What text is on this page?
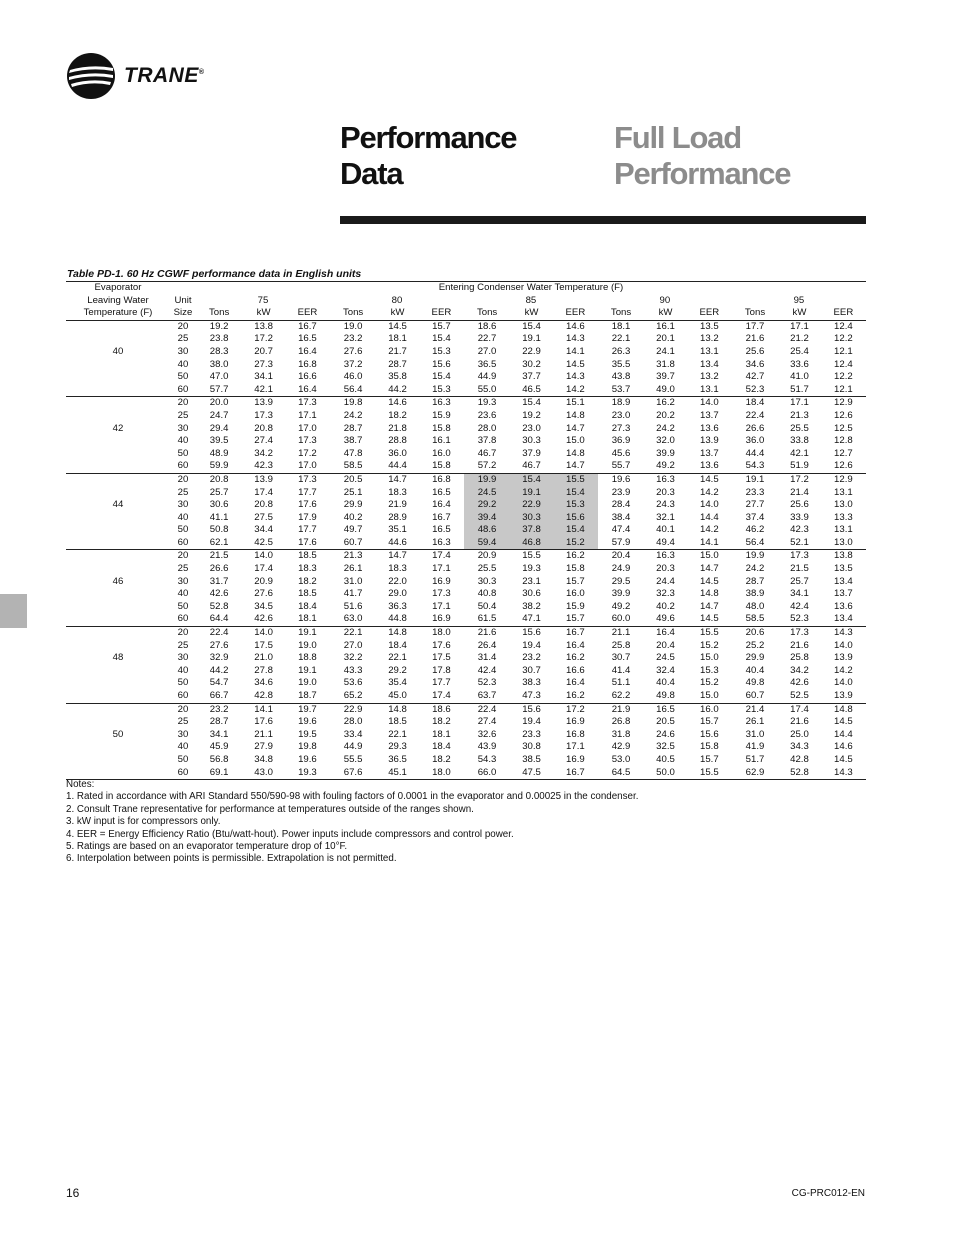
TRANE®
Performance
Data
Full Load
Performance
Table PD-1. 60 Hz CGWF performance data in English units
Evaporator		Entering Condenser Water Temperature (F)														
Leaving Water	Unit	75			80			85			90			95		
Temperature (F)	Size	Tons	kW	EER	Tons	kW	EER	Tons	kW	EER	Tons	kW	EER	Tons	kW	EER
	20	19.2	13.8	16.7	19.0	14.5	15.7	18.6	15.4	14.6	18.1	16.1	13.5	17.7	17.1	12.4
	25	23.8	17.2	16.5	23.2	18.1	15.4	22.7	19.1	14.3	22.1	20.1	13.2	21.6	21.2	12.2
40	30	28.3	20.7	16.4	27.6	21.7	15.3	27.0	22.9	14.1	26.3	24.1	13.1	25.6	25.4	12.1
	40	38.0	27.3	16.8	37.2	28.7	15.6	36.5	30.2	14.5	35.5	31.8	13.4	34.6	33.6	12.4
	50	47.0	34.1	16.6	46.0	35.8	15.4	44.9	37.7	14.3	43.8	39.7	13.2	42.7	41.0	12.2
	60	57.7	42.1	16.4	56.4	44.2	15.3	55.0	46.5	14.2	53.7	49.0	13.1	52.3	51.7	12.1
	20	20.0	13.9	17.3	19.8	14.6	16.3	19.3	15.4	15.1	18.9	16.2	14.0	18.4	17.1	12.9
	25	24.7	17.3	17.1	24.2	18.2	15.9	23.6	19.2	14.8	23.0	20.2	13.7	22.4	21.3	12.6
42	30	29.4	20.8	17.0	28.7	21.8	15.8	28.0	23.0	14.7	27.3	24.2	13.6	26.6	25.5	12.5
	40	39.5	27.4	17.3	38.7	28.8	16.1	37.8	30.3	15.0	36.9	32.0	13.9	36.0	33.8	12.8
	50	48.9	34.2	17.2	47.8	36.0	16.0	46.7	37.9	14.8	45.6	39.9	13.7	44.4	42.1	12.7
	60	59.9	42.3	17.0	58.5	44.4	15.8	57.2	46.7	14.7	55.7	49.2	13.6	54.3	51.9	12.6
	20	20.8	13.9	17.3	20.5	14.7	16.8	19.9	15.4	15.5	19.6	16.3	14.5	19.1	17.2	12.9
	25	25.7	17.4	17.7	25.1	18.3	16.5	24.5	19.1	15.4	23.9	20.3	14.2	23.3	21.4	13.1
44	30	30.6	20.8	17.6	29.9	21.9	16.4	29.2	22.9	15.3	28.4	24.3	14.0	27.7	25.6	13.0
	40	41.1	27.5	17.9	40.2	28.9	16.7	39.4	30.3	15.6	38.4	32.1	14.4	37.4	33.9	13.3
	50	50.8	34.4	17.7	49.7	35.1	16.5	48.6	37.8	15.4	47.4	40.1	14.2	46.2	42.3	13.1
	60	62.1	42.5	17.6	60.7	44.6	16.3	59.4	46.8	15.2	57.9	49.4	14.1	56.4	52.1	13.0
	20	21.5	14.0	18.5	21.3	14.7	17.4	20.9	15.5	16.2	20.4	16.3	15.0	19.9	17.3	13.8
	25	26.6	17.4	18.3	26.1	18.3	17.1	25.5	19.3	15.8	24.9	20.3	14.7	24.2	21.5	13.5
46	30	31.7	20.9	18.2	31.0	22.0	16.9	30.3	23.1	15.7	29.5	24.4	14.5	28.7	25.7	13.4
	40	42.6	27.6	18.5	41.7	29.0	17.3	40.8	30.6	16.0	39.9	32.3	14.8	38.9	34.1	13.7
	50	52.8	34.5	18.4	51.6	36.3	17.1	50.4	38.2	15.9	49.2	40.2	14.7	48.0	42.4	13.6
	60	64.4	42.6	18.1	63.0	44.8	16.9	61.5	47.1	15.7	60.0	49.6	14.5	58.5	52.3	13.4
	20	22.4	14.0	19.1	22.1	14.8	18.0	21.6	15.6	16.7	21.1	16.4	15.5	20.6	17.3	14.3
	25	27.6	17.5	19.0	27.0	18.4	17.6	26.4	19.4	16.4	25.8	20.4	15.2	25.2	21.6	14.0
48	30	32.9	21.0	18.8	32.2	22.1	17.5	31.4	23.2	16.2	30.7	24.5	15.0	29.9	25.8	13.9
	40	44.2	27.8	19.1	43.3	29.2	17.8	42.4	30.7	16.6	41.4	32.4	15.3	40.4	34.2	14.2
	50	54.7	34.6	19.0	53.6	35.4	17.7	52.3	38.3	16.4	51.1	40.4	15.2	49.8	42.6	14.0
	60	66.7	42.8	18.7	65.2	45.0	17.4	63.7	47.3	16.2	62.2	49.8	15.0	60.7	52.5	13.9
	20	23.2	14.1	19.7	22.9	14.8	18.6	22.4	15.6	17.2	21.9	16.5	16.0	21.4	17.4	14.8
	25	28.7	17.6	19.6	28.0	18.5	18.2	27.4	19.4	16.9	26.8	20.5	15.7	26.1	21.6	14.5
50	30	34.1	21.1	19.5	33.4	22.1	18.1	32.6	23.3	16.8	31.8	24.6	15.6	31.0	25.0	14.4
	40	45.9	27.9	19.8	44.9	29.3	18.4	43.9	30.8	17.1	42.9	32.5	15.8	41.9	34.3	14.6
	50	56.8	34.8	19.6	55.5	36.5	18.2	54.3	38.5	16.9	53.0	40.5	15.7	51.7	42.8	14.5
	60	69.1	43.0	19.3	67.6	45.1	18.0	66.0	47.5	16.7	64.5	50.0	15.5	62.9	52.8	14.3
Notes:
1. Rated in accordance with ARI Standard 550/590-98 with fouling factors of 0.0001 in the evaporator and 0.00025 in the condenser.
2. Consult Trane representative for performance at temperatures outside of the ranges shown.
3. kW input is for compressors only.
4. EER = Energy Efficiency Ratio (Btu/watt-hout). Power inputs include compressors and control power.
5. Ratings are based on an evaporator temperature drop of 10°F.
6. Interpolation between points is permissible. Extrapolation is not permitted.
16	CG-PRC012-EN
